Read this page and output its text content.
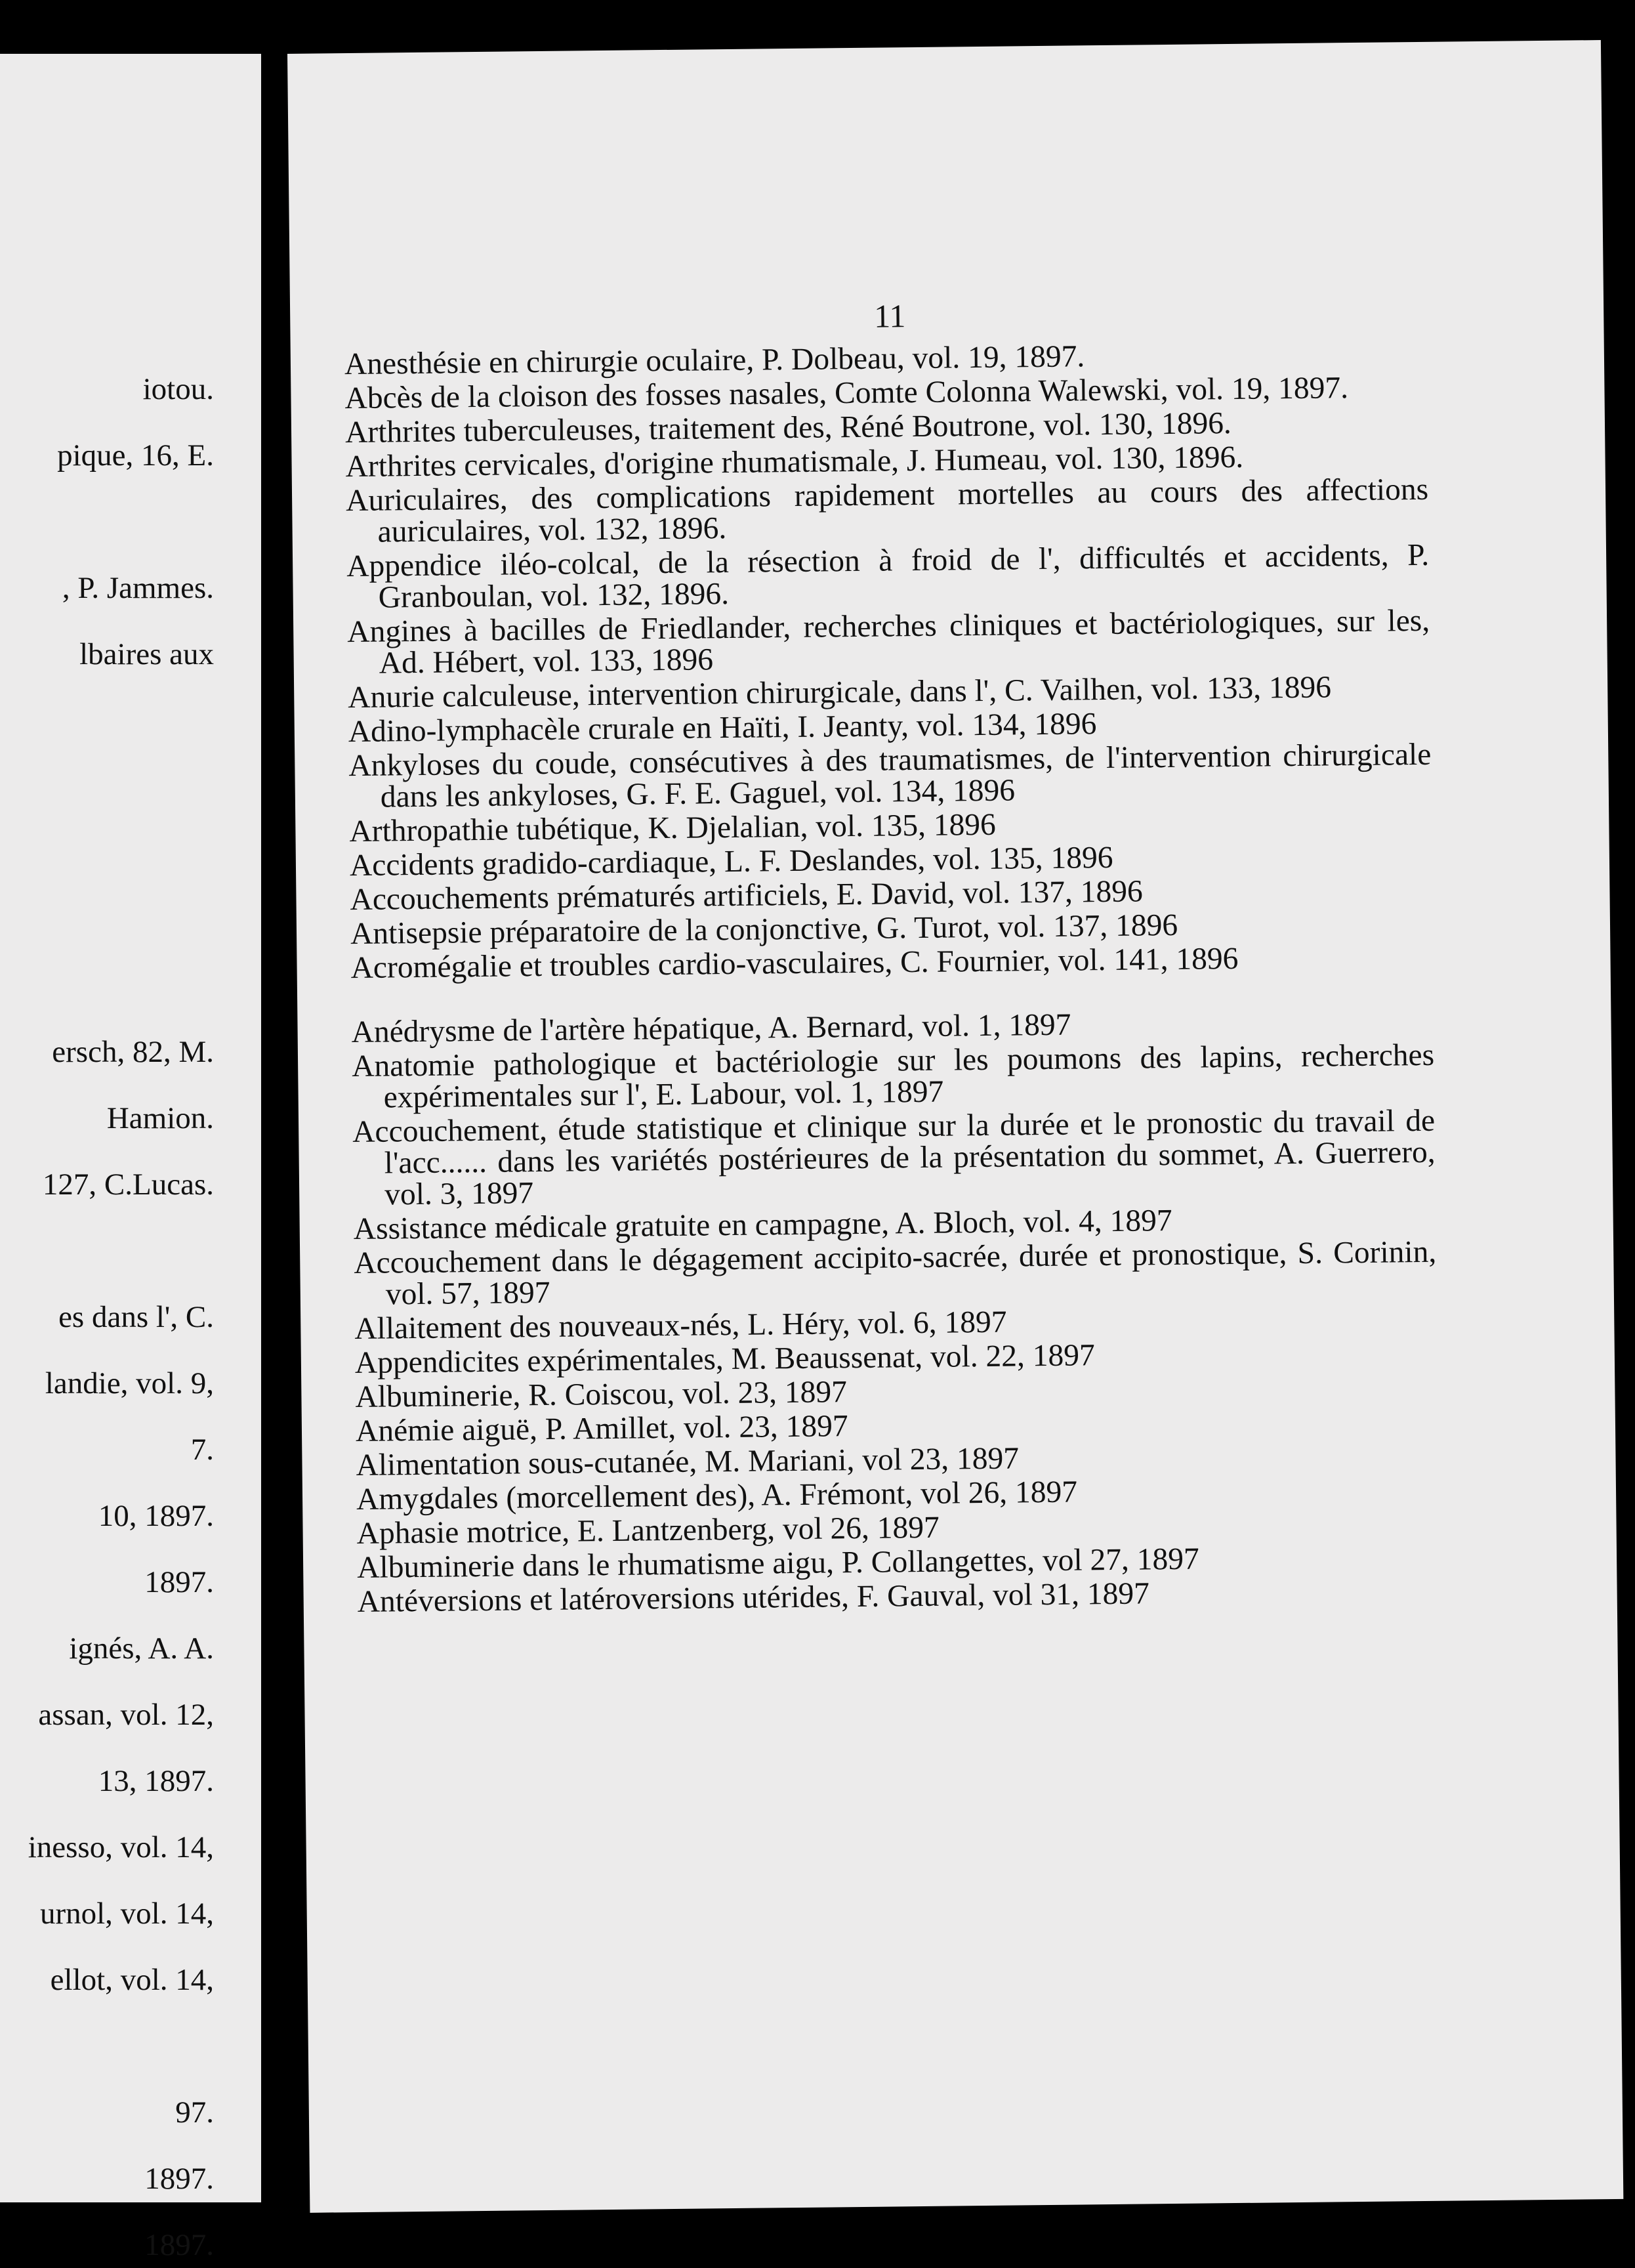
iotou.
pique, 16, E.
, P. Jammes.
lbaires aux
ersch, 82, M.
Hamion.
127, C.Lucas.
es dans l', C.
landie, vol. 9,
7.
10, 1897.
1897.
ignés, A. A.
assan, vol. 12,
13, 1897.
inesso, vol. 14,
urnol, vol. 14,
ellot, vol. 14,
97.
1897.
1897.
11
Anesthésie en chirurgie oculaire, P. Dolbeau, vol. 19, 1897.
Abcès de la cloison des fosses nasales, Comte Colonna Walewski, vol. 19, 1897.
Arthrites tuberculeuses, traitement des, Réné Boutrone, vol. 130, 1896.
Arthrites cervicales, d'origine rhumatismale, J. Humeau, vol. 130, 1896.
Auriculaires, des complications rapidement mortelles au cours des affections auriculaires, vol. 132, 1896.
Appendice iléo-colcal, de la résection à froid de l', difficultés et accidents, P. Granboulan, vol. 132, 1896.
Angines à bacilles de Friedlander, recherches cliniques et bactériologiques, sur les, Ad. Hébert, vol. 133, 1896
Anurie calculeuse, intervention chirurgicale, dans l', C. Vailhen, vol. 133, 1896
Adino-lymphacèle crurale en Haïti, I. Jeanty, vol. 134, 1896
Ankyloses du coude, consécutives à des traumatismes, de l'intervention chirurgicale dans les ankyloses, G. F. E. Gaguel, vol. 134, 1896
Arthropathie tubétique, K. Djelalian, vol. 135, 1896
Accidents gradido-cardiaque, L. F. Deslandes, vol. 135, 1896
Accouchements prématurés artificiels, E. David, vol. 137, 1896
Antisepsie préparatoire de la conjonctive, G. Turot, vol. 137, 1896
Acromégalie et troubles cardio-vasculaires, C. Fournier, vol. 141, 1896
Anédrysme de l'artère hépatique, A. Bernard, vol. 1, 1897
Anatomie pathologique et bactériologie sur les poumons des lapins, recherches expérimentales sur l', E. Labour, vol. 1, 1897
Accouchement, étude statistique et clinique sur la durée et le pronostic du travail de l'acc...... dans les variétés postérieures de la présentation du sommet, A. Guerrero, vol. 3, 1897
Assistance médicale gratuite en campagne, A. Bloch, vol. 4, 1897
Accouchement dans le dégagement accipito-sacrée, durée et pronostique, S. Corinin, vol. 57, 1897
Allaitement des nouveaux-nés, L. Héry, vol. 6, 1897
Appendicites expérimentales, M. Beaussenat, vol. 22, 1897
Albuminerie, R. Coiscou, vol. 23, 1897
Anémie aiguë, P. Amillet, vol. 23, 1897
Alimentation sous-cutanée, M. Mariani, vol 23, 1897
Amygdales (morcellement des), A. Frémont, vol 26, 1897
Aphasie motrice, E. Lantzenberg, vol 26, 1897
Albuminerie dans le rhumatisme aigu, P. Collangettes, vol 27, 1897
Antéversions et latéroversions utérides, F. Gauval, vol 31, 1897
